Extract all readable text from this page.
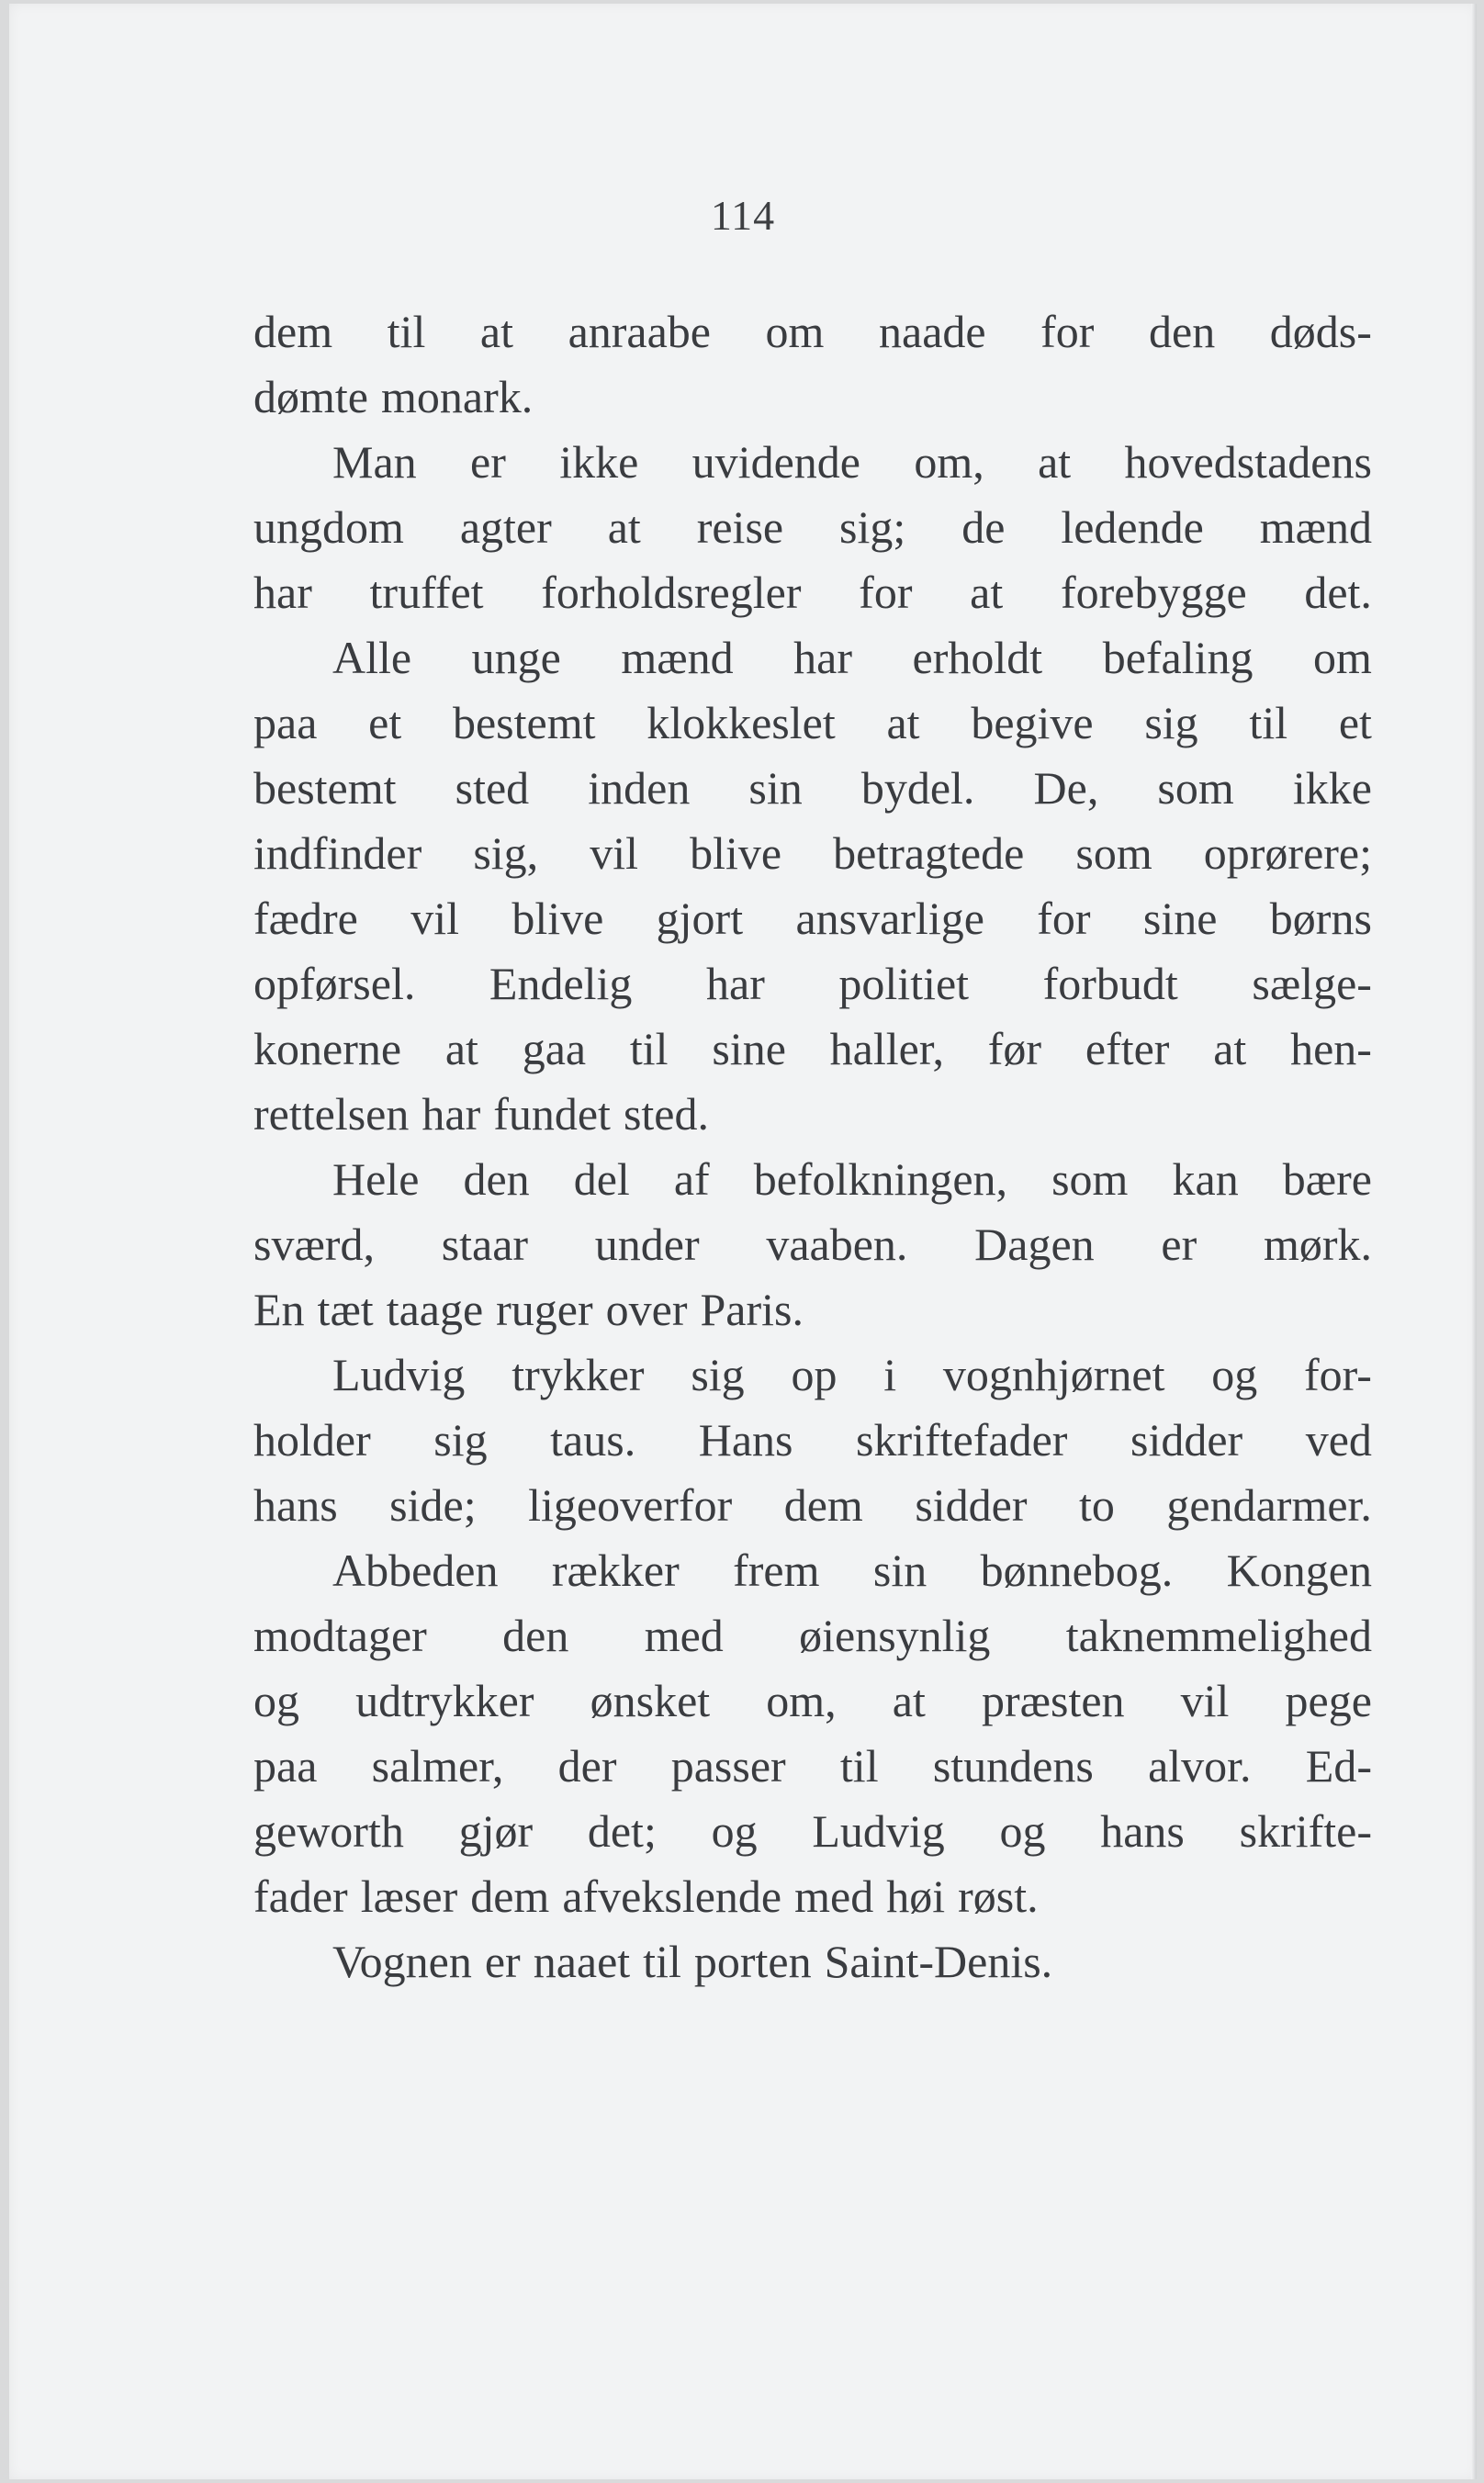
114
dem til at anraabe om naade for den døds-
dømte monark.
Man er ikke uvidende om, at hovedstadens
ungdom agter at reise sig; de ledende mænd
har truffet forholdsregler for at forebygge det.
Alle unge mænd har erholdt befaling om
paa et bestemt klokkeslet at begive sig til et
bestemt sted inden sin bydel. De, som ikke
indfinder sig, vil blive betragtede som oprørere;
fædre vil blive gjort ansvarlige for sine børns
opførsel. Endelig har politiet forbudt sælge-
konerne at gaa til sine haller, før efter at hen-
rettelsen har fundet sted.
Hele den del af befolkningen, som kan bære
sværd, staar under vaaben. Dagen er mørk.
En tæt taage ruger over Paris.
Ludvig trykker sig op i vognhjørnet og for-
holder sig taus. Hans skriftefader sidder ved
hans side; ligeoverfor dem sidder to gendarmer.
Abbeden rækker frem sin bønnebog. Kongen
modtager den med øiensynlig taknemmelighed
og udtrykker ønsket om, at præsten vil pege
paa salmer, der passer til stundens alvor. Ed-
geworth gjør det; og Ludvig og hans skrifte-
fader læser dem afvekslende med høi røst.
Vognen er naaet til porten Saint-Denis.
